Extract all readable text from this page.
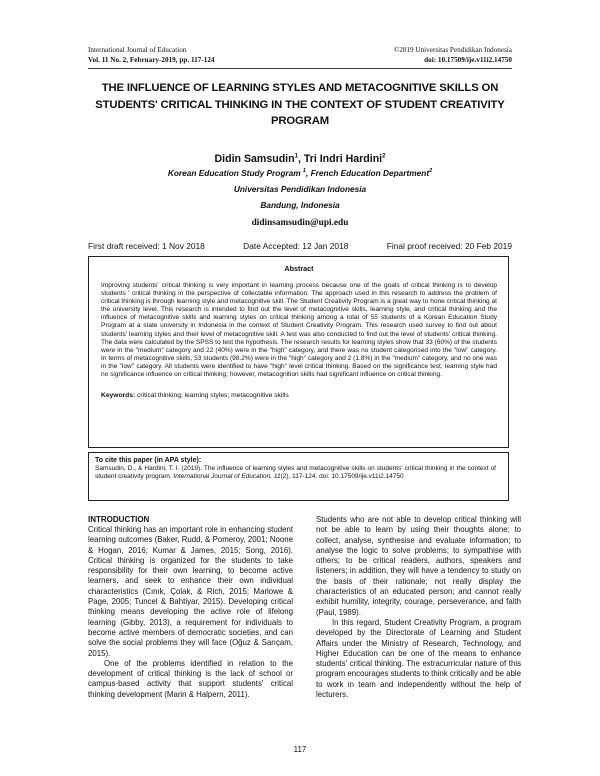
International Journal of Education
Vol. 11 No. 2, February-2019, pp. 117-124
©2019 Universitas Pendidikan Indonesia
doi: 10.17509/ije.v11i2.14750
THE INFLUENCE OF LEARNING STYLES AND METACOGNITIVE SKILLS ON
STUDENTS' CRITICAL THINKING IN THE CONTEXT OF STUDENT CREATIVITY
PROGRAM
Didin Samsudin$^1$, Tri Indri Hardini$^2$
Korean Education Study Program $^1$, French Education Department$^2$
Universitas Pendidikan Indonesia
Bandung, Indonesia
didinsamsudin@upi.edu
First draft received: 1 Nov 2018	Date Accepted: 12 Jan 2018	Final proof received: 20 Feb 2019
Abstract
Improving students' critical thinking is very important in learning process because one of the goals of critical thinking is to develop students ' critical thinking in the perspective of collectable information. The approach used in this research to address the problem of critical thinking is through learning style and metacognitive skill. The Student Creativity Program is a great way to hone critical thinking at the university level. This research is intended to find out the level of metacognitive skills, learning style, and critical thinking and the influence of metacognitive skills and learning styles on critical thinking among a total of 55 students of a Korean Education Study Program at a state university in Indonesia in the context of Student Creativity Program. This research used survey to find out about students' learning styles and their level of metacognitive skill. A test was also conducted to find out the level of students' critical thinking. The data were calculated by the SPSS to test the hypothesis. The research results for learning styles show that 33 (60%) of the students were in the "medium" category and 22 (40%) were in the "high" category, and there was no student categorised into the "low" category. In terms of metacognitive skills, 53 students (98.2%) were in the "high" category and 2 (1.8%) in the "medium" category, and no one was in the "low" category. All students were identified to have "high" level critical thinking. Based on the significance test, learning style had no significance influence on critical thinking; however, metacognition skills had significant influence on critical thinking.
Keywords: critical thinking; learning styles; metacognitive skills
To cite this paper (in APA style):
Samsudin, D., & Hardini, T. I. (2019). The influence of learning styles and metacognitive skills on students' critical thinking in the context of student creativity program. International Journal of Education, 11(2), 117-124. doi: 10.17509/ije.v11i2.14750
INTRODUCTION

Critical thinking has an important role in enhancing student learning outcomes (Baker, Rudd, & Pomeroy, 2001; Noone & Hogan, 2016; Kumar & James, 2015; Song, 2016). Critical thinking is organized for the students to take responsibility for their own learning, to become active learners, and seek to enhance their own individual characteristics (Cınık, Çolak, & Rich, 2015; Marlowe & Page, 2005; Tuncel & Bahtiyar, 2015). Developing critical thinking means developing the active role of lifelong learning (Gibby, 2013), a requirement for individuals to become active members of democratic societies, and can solve the social problems they will face (Oğuz & Sarıçam, 2015).

One of the problems identified in relation to the development of critical thinking is the lack of school or campus-based activity that support students' critical thinking development (Marin & Halpern, 2011).

Students who are not able to develop critical thinking will not be able to learn by using their thoughts alone; to collect, analyse, synthesise and evaluate information; to analyse the logic to solve problems; to sympathise with others; to be critical readers, authors, speakers and listeners; in addition, they will have a tendency to study on the basis of their rationale; not really display the characteristics of an educated person; and cannot really exhibit humility, integrity, courage, perseverance, and faith (Paul, 1989).

In this regard, Student Creativity Program, a program developed by the Directorate of Learning and Student Affairs under the Ministry of Research, Technology, and Higher Education can be one of the means to enhance students' critical thinking. The extracurricular nature of this program encourages students to think critically and be able to work in team and independently without the help of lecturers.

117
